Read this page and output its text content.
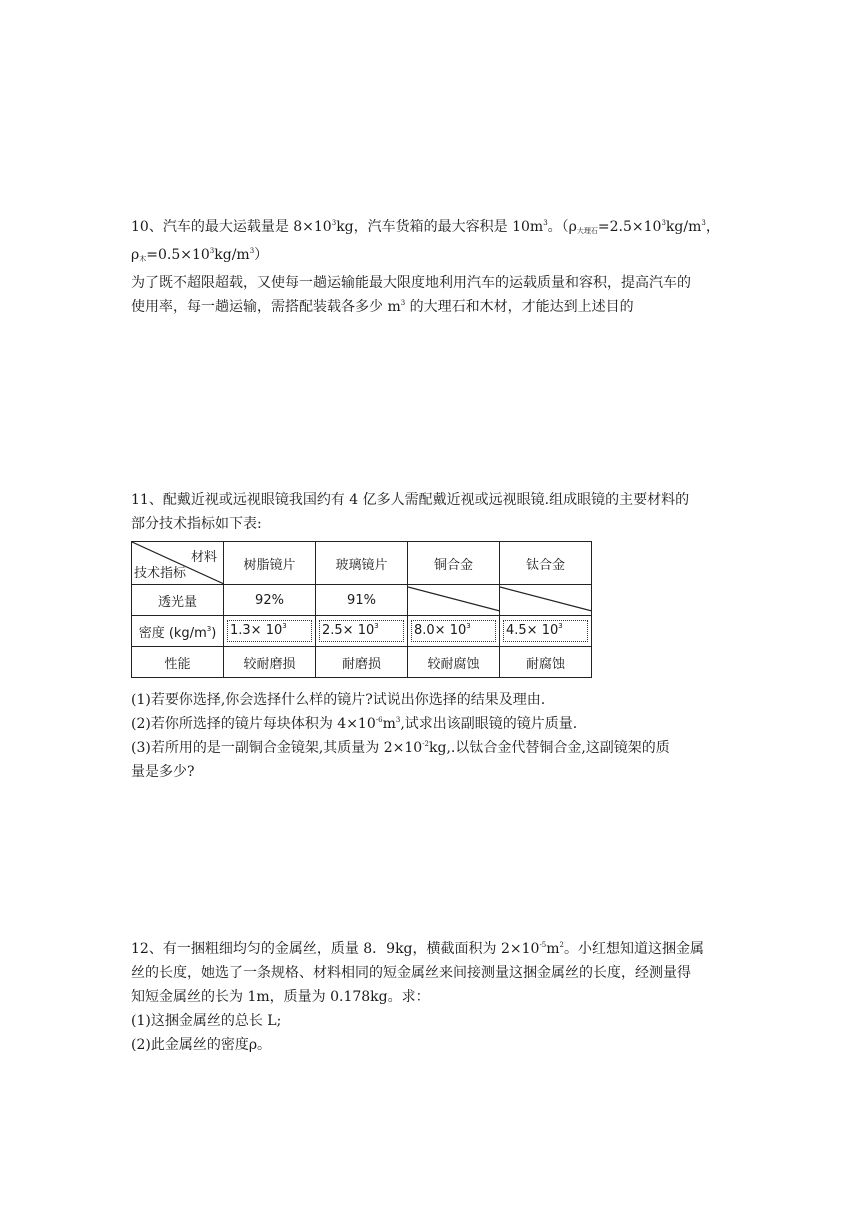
10、汽车的最大运载量是 $8\times 10^3kg$，汽车货箱的最大容积是 $10m^3$。（$\rho_{大理石}=2.5\times 10^3kg/m^3$，

$\rho_木=0.5\times 10^3kg/m^3$）

为了既不超限超载，又使每一趟运输能最大限度地利用汽车的运载质量和容积，提高汽车的

使用率，每一趟运输，需搭配装载各多少 $m^3$ 的大理石和木材，才能达到上述目的

11、配戴近视或远视眼镜我国约有 4 亿多人需配戴近视或远视眼镜.组成眼镜的主要材料的

部分技术指标如下表:

材料
技术指标	树脂镜片	玻璃镜片	铜合金	钛合金
透光量	92%	91%	

密度 $(kg/m^3)$	$1.3\times 10^3$	$2.5\times 10^3$	$8.0\times 10^3$	$4.5\times 10^3$

性能	较耐磨损	耐磨损	较耐腐蚀	耐腐蚀

(1)若要你选择,你会选择什么样的镜片?试说出你选择的结果及理由.

(2)若你所选择的镜片每块体积为 $4\times 10^{-6}m^3$,试求出该副眼镜的镜片质量.

(3)若所用的是一副铜合金镜架,其质量为 $2\times 10^{-2}kg$,.以钛合金代替铜合金,这副镜架的质

量是多少?

12、有一捆粗细均匀的金属丝，质量 8．9kg，横截面积为 $2\times 10^{-5}m^2$。小红想知道这捆金属

丝的长度，她选了一条规格、材料相同的短金属丝来间接测量这捆金属丝的长度，经测量得

知短金属丝的长为 1m，质量为 0.178kg。求：

(1)这捆金属丝的总长 L;

(2)此金属丝的密度ρ。
